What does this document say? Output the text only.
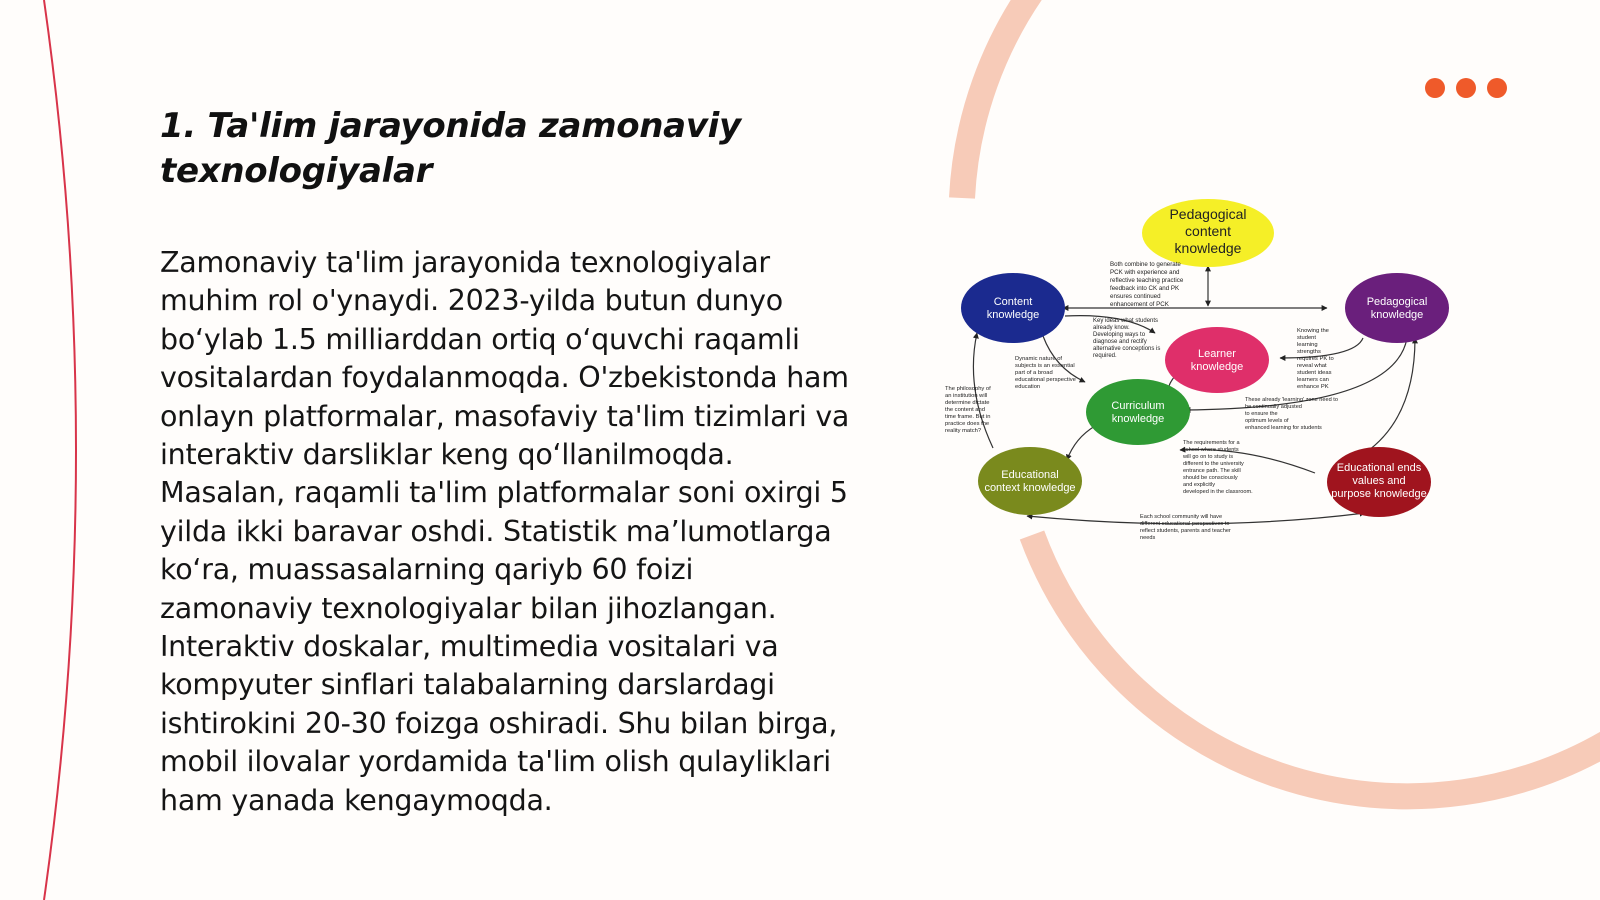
1. Ta'lim jarayonida zamonaviy
texnologiyalar

Zamonaviy ta'lim jarayonida texnologiyalar muhim rol o'ynaydi. 2023-yilda butun dunyo bo‘ylab 1.5 milliarddan ortiq o‘quvchi raqamli vositalardan foydalanmoqda. O'zbekistonda ham onlayn platformalar, masofaviy ta'lim tizimlari va interaktiv darsliklar keng qo‘llanilmoqda. Masalan, raqamli ta'lim platformalar soni oxirgi 5 yilda ikki baravar oshdi. Statistik ma’lumotlarga ko‘ra, muassasalarning qariyb 60 foizi zamonaviy texnologiyalar bilan jihozlangan. Interaktiv doskalar, multimedia vositalari va kompyuter sinflari talabalarning darslardagi ishtirokini 20-30 foizga oshiradi. Shu bilan birga, mobil ilovalar yordamida ta'lim olish qulayliklari ham yanada kengaymoqda.

Pedagogical
content
knowledge
Content
knowledge
Pedagogical
knowledge
Learner
knowledge
Curriculum
knowledge
Educational
context knowledge
Educational ends
values and
purpose knowledge
Both combine to generate
PCK with experience and
reflective teaching practice
feedback into CK and PK
ensures continued
enhancement of PCK
Key ideas what students
already know.
Developing ways to
diagnose and rectify
alternative conceptions is
required.
Dynamic nature of
subjects is an essential
part of a broad
educational perspective
education
The philosophy of
an institution will
determine dictate
the content and
time frame. But in
practice does the
reality match?
Knowing the
student
learning
strengths
requires PK to
reveal what
student ideas
learners can
enhance PK
These already 'learning' zone need to
be continually adjusted
to ensure the
optimum levels of
enhanced learning for students
The requirements for a
school where students
will go on to study is
different to the university
entrance path. The skill
should be consciously
and explicitly
developed in the classroom.
Each school community will have
different educational perspectives to
reflect students, parents and teacher
needs
